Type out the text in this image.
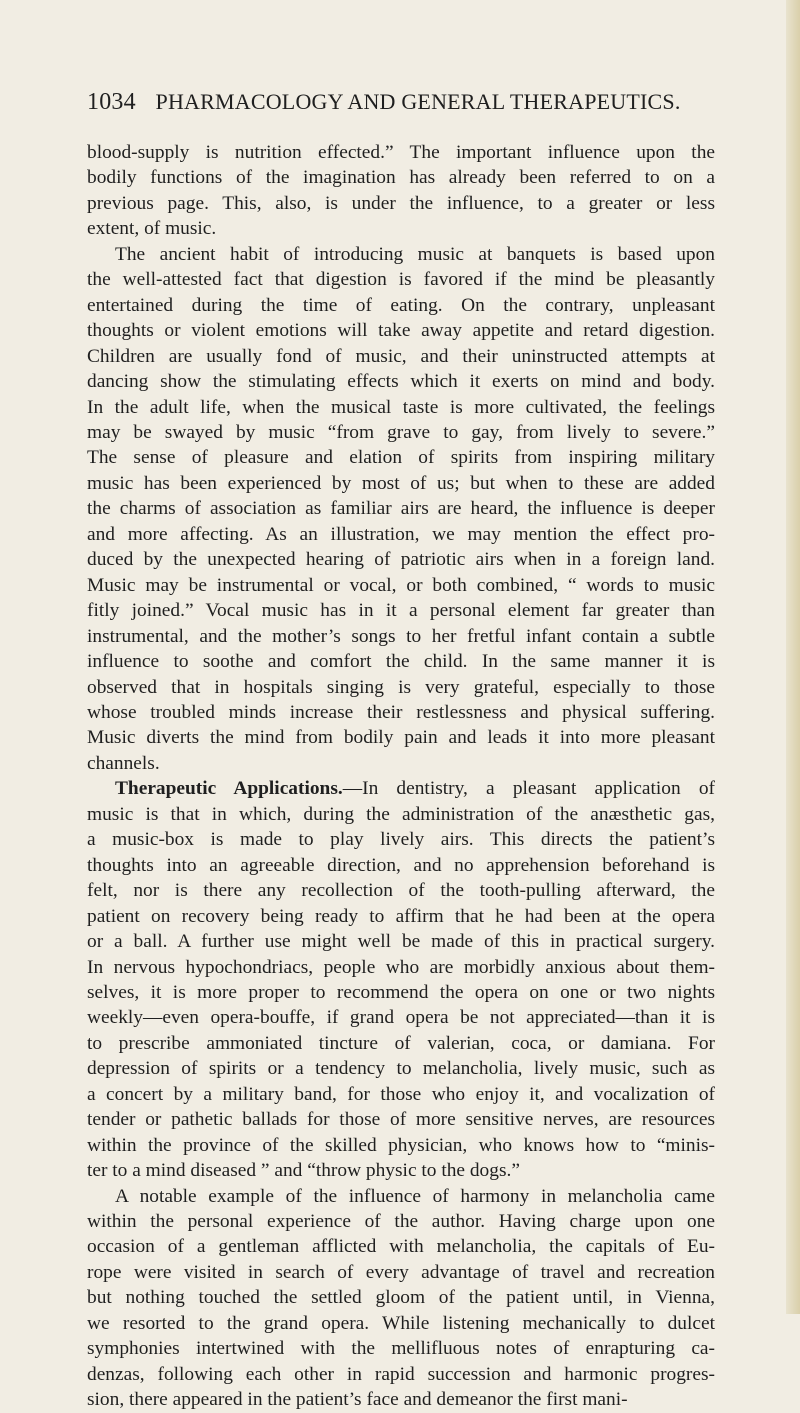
1034 PHARMACOLOGY AND GENERAL THERAPEUTICS.
blood-supply is nutrition effected.” The important influence upon the
bodily functions of the imagination has already been referred to on a
previous page. This, also, is under the influence, to a greater or less
extent, of music.
The ancient habit of introducing music at banquets is based upon
the well-attested fact that digestion is favored if the mind be pleasantly
entertained during the time of eating. On the contrary, unpleasant
thoughts or violent emotions will take away appetite and retard digestion.
Children are usually fond of music, and their uninstructed attempts at
dancing show the stimulating effects which it exerts on mind and body.
In the adult life, when the musical taste is more cultivated, the feelings
may be swayed by music “from grave to gay, from lively to severe.”
The sense of pleasure and elation of spirits from inspiring military
music has been experienced by most of us; but when to these are added
the charms of association as familiar airs are heard, the influence is deeper
and more affecting. As an illustration, we may mention the effect pro-
duced by the unexpected hearing of patriotic airs when in a foreign land.
Music may be instrumental or vocal, or both combined, “ words to music
fitly joined.” Vocal music has in it a personal element far greater than
instrumental, and the mother’s songs to her fretful infant contain a subtle
influence to soothe and comfort the child. In the same manner it is
observed that in hospitals singing is very grateful, especially to those
whose troubled minds increase their restlessness and physical suffering.
Music diverts the mind from bodily pain and leads it into more pleasant
channels.
Therapeutic Applications.—In dentistry, a pleasant application of
music is that in which, during the administration of the anæsthetic gas,
a music-box is made to play lively airs. This directs the patient’s
thoughts into an agreeable direction, and no apprehension beforehand is
felt, nor is there any recollection of the tooth-pulling afterward, the
patient on recovery being ready to affirm that he had been at the opera
or a ball. A further use might well be made of this in practical surgery.
In nervous hypochondriacs, people who are morbidly anxious about them-
selves, it is more proper to recommend the opera on one or two nights
weekly—even opera-bouffe, if grand opera be not appreciated—than it is
to prescribe ammoniated tincture of valerian, coca, or damiana. For
depression of spirits or a tendency to melancholia, lively music, such as
a concert by a military band, for those who enjoy it, and vocalization of
tender or pathetic ballads for those of more sensitive nerves, are resources
within the province of the skilled physician, who knows how to “minis-
ter to a mind diseased ” and “throw physic to the dogs.”
A notable example of the influence of harmony in melancholia came
within the personal experience of the author. Having charge upon one
occasion of a gentleman afflicted with melancholia, the capitals of Eu-
rope were visited in search of every advantage of travel and recreation
but nothing touched the settled gloom of the patient until, in Vienna,
we resorted to the grand opera. While listening mechanically to dulcet
symphonies intertwined with the mellifluous notes of enrapturing ca-
denzas, following each other in rapid succession and harmonic progres-
sion, there appeared in the patient’s face and demeanor the first mani-
